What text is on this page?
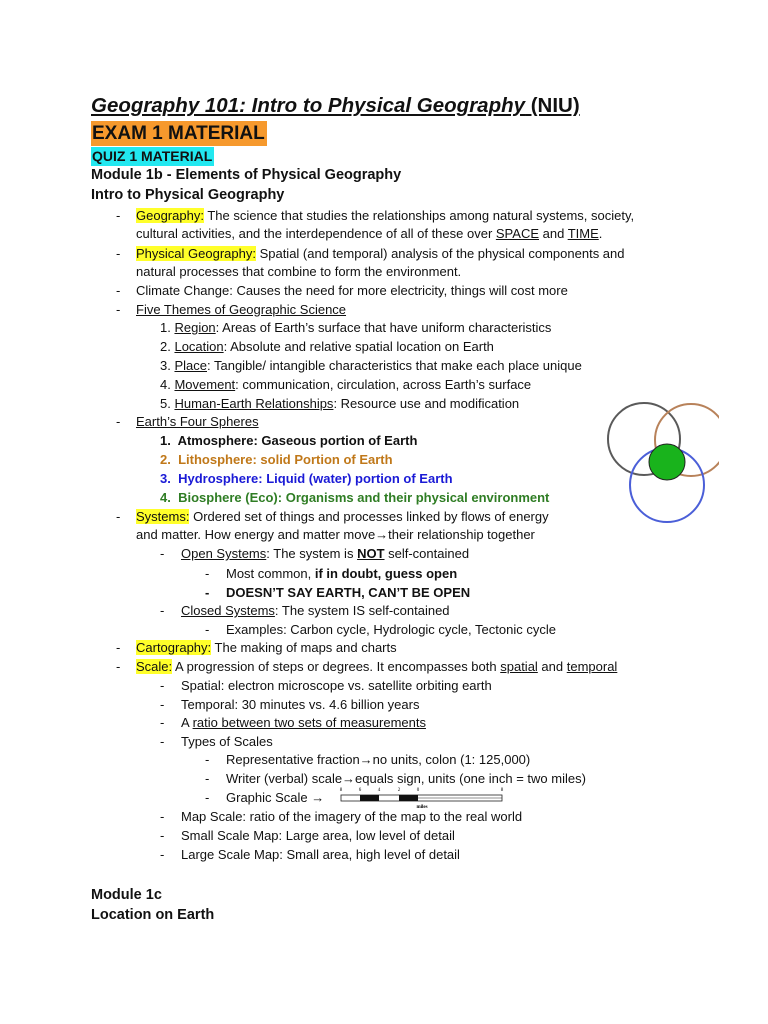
Geography 101: Intro to Physical Geography (NIU)
EXAM 1 MATERIAL
QUIZ 1 MATERIAL
Module 1b - Elements of Physical Geography
Intro to Physical Geography
- Geography: The science that studies the relationships among natural systems, society,
cultural activities, and the interdependence of all of these over SPACE and TIME.
- Physical Geography: Spatial (and temporal) analysis of the physical components and
natural processes that combine to form the environment.
- Climate Change: Causes the need for more electricity, things will cost more
- Five Themes of Geographic Science
1. Region: Areas of Earth’s surface that have uniform characteristics
2. Location: Absolute and relative spatial location on Earth
3. Place: Tangible/ intangible characteristics that make each place unique
4. Movement: communication, circulation, across Earth’s surface
5. Human-Earth Relationships: Resource use and modification
- Earth’s Four Spheres
1. Atmosphere: Gaseous portion of Earth
2. Lithosphere: solid Portion of Earth
3. Hydrosphere: Liquid (water) portion of Earth
4. Biosphere (Eco): Organisms and their physical environment
- Systems: Ordered set of things and processes linked by flows of energy
and matter. How energy and matter move→their relationship together
- Open Systems: The system is NOT self-contained
- Most common, if in doubt, guess open
- DOESN’T SAY EARTH, CAN’T BE OPEN
- Closed Systems: The system IS self-contained
- Examples: Carbon cycle, Hydrologic cycle, Tectonic cycle
- Cartography: The making of maps and charts
- Scale: A progression of steps or degrees. It encompasses both spatial and temporal
- Spatial: electron microscope vs. satellite orbiting earth
- Temporal: 30 minutes vs. 4.6 billion years
- A ratio between two sets of measurements
- Types of Scales
- Representative fraction→no units, colon (1: 125,000)
- Writer (verbal) scale→equals sign, units (one inch = two miles)
- Graphic Scale →	8	6	4	2	0	8
miles
- Map Scale: ratio of the imagery of the map to the real world
- Small Scale Map: Large area, low level of detail
- Large Scale Map: Small area, high level of detail
Module 1c
Location on Earth
